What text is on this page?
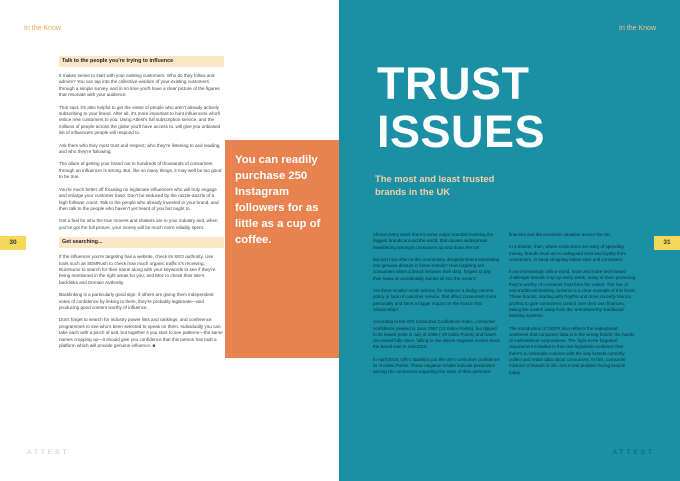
In the Know
30
Talk to the people you're trying to influence

It makes sense to start with your existing customers. Who do they follow and admire? You can tap into the collective wisdom of your existing customers through a simple survey, and in no time you'll have a clear picture of the figures that resonate with your audience.

That said, it's also helpful to get the views of people who aren't already actively subscribing to your brand. After all, it's more important to hunt influencers who'll entice new customers to you. Using Attest's full subscription service, and the millions of people across the globe you'll have access to, will give you unbiased list of influencers people will respond to.

Ask them who they most trust and respect; who they're listening to and reading, and who they're following.

The allure of getting your brand out to hundreds of thousands of consumers through an influencer is strong. But, like so many things, it may well be too good to be true.

You're much better off focusing on legitimate influencers who will truly engage and enlarge your customer base. Don't be seduced by the razzle-dazzle of a high follower count. Talk to the people who already invested in your brand, and then talk to the people who haven't yet heard of you but ought to.

Get a feel for who the true movers and shakers are in your industry and, when you've got the full picture, your money will be much more reliably spent.

Get searching...

If the influencer you're targeting has a website, check its SEO authority. Use tools such as SEMRush to check how much organic traffic it's receiving. Buzzsumo to search for their name along with your keywords to see if they're being mentioned in the right areas for you; and Moz to check their site's backlinks and Domain Authority.

Backlinking is a particularly good sign: if others are giving them independent votes of confidence by linking to them, they're probably legitimate—and producing good content worthy of influence.

Don't forget to search for industry power lists and rankings, and conference programmes to see who's been selected to speak on them. Individually you can take each with a pinch of salt, but together it you start to see patterns—the same names cropping up—it should give you confidence that this person has built a platform which will provide genuine influence. ■

ATTEST
You can readily purchase 250 Instagram followers for as little as a cup of coffee.
In the Know
31
ATTEST
TRUST
ISSUES
The most and least trusted brands in the UK

Almost every week there's some major scandal involving the biggest brands around the world, that causes widespread bewildering amongst consumers up and down the UK.

But just how often is this momentary disappointment translating into genuine distrust in these brands? How forgiving are consumers when a brand misuses their data, forgets to pay their taxes or accidentally dumps oil into the ocean?

Are there smaller-scale actions, for instance a dodgy returns policy or lack of customer service, that affect consumers more personally and have a bigger impact on the trust in this relationship?

According to the GfK Consumer Confidence Index, consumer confidence peaked in June 1987 (10 Index Points), but dipped to its lowest point in July of 2008 (-39 Index Points) and hasn't recovered fully since, falling to rise above negative scores since the Brexit vote in mid-2016.

In April 2018, GfK's statistics put the UK's consumer confidence at -9 Index Points. These negative results indicate pessimism among UK consumers regarding the state of their personal

finances and the economic situation across the UK.

In a market, then, where consumers are wary of spending money, brands must act to safeguard trust and loyalty from consumers, to keep shopping habits alive and consistent.

In an increasingly online world, more and more tech-based challenger brands crop up every week, many of them promising they're worthy of consumer trust from the outset. The rise of non-traditional banking systems is a clear example of this trend. These brands, starting with PayPal and more recently Monzo, profess to give consumers control over their own finances, taking the control away from the 'untrustworthy' traditional banking systems.

The introduction of GDPR also reflects the widespread sentiment that consumer data is in the wrong hands; the hands of multinational corporations. The 'right-to-be-forgotten' requirement included in this new legislation evidence that there's a noticeable concern with the way brands currently collect and retain data about consumers. In fact, consumer mistrust of brands is rife, and a real problem facing brands today.
